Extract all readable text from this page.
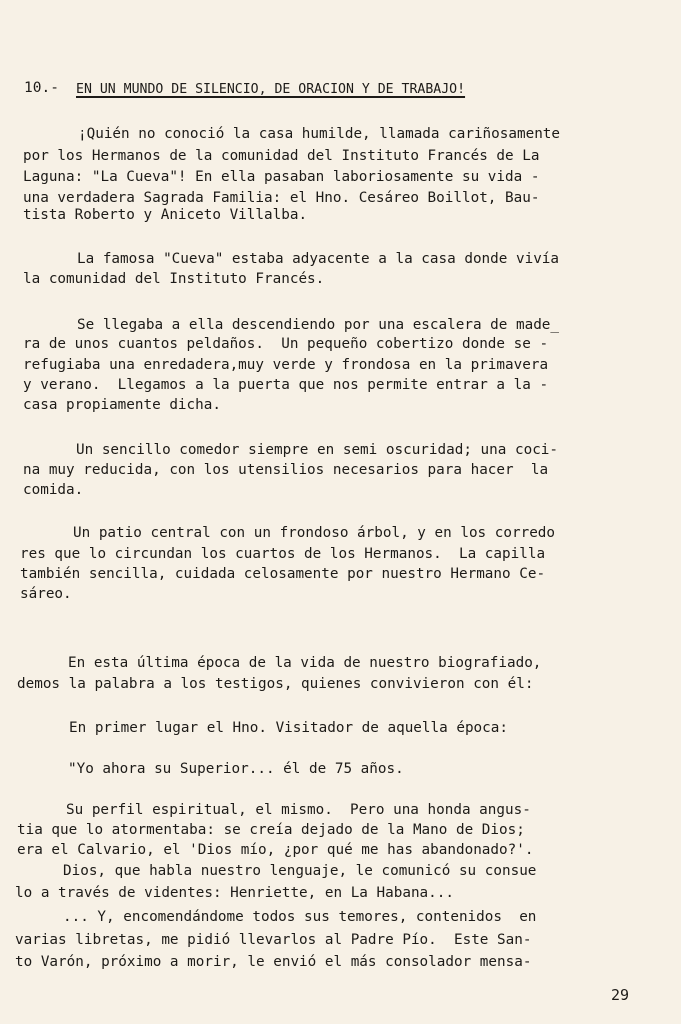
10.- EN UN MUNDO DE SILENCIO, DE ORACION Y DE TRABAJO!
¡Quién no conoció la casa humilde, llamada cariñosamente
por los Hermanos de la comunidad del Instituto Francés de La
Laguna: "La Cueva"! En ella pasaban laboriosamente su vida -
una verdadera Sagrada Familia: el Hno. Cesáreo Boillot, Bau-
tista Roberto y Aniceto Villalba.
La famosa "Cueva" estaba adyacente a la casa donde vivía
la comunidad del Instituto Francés.
Se llegaba a ella descendiendo por una escalera de made_
ra de unos cuantos peldaños.  Un pequeño cobertizo donde se -
refugiaba una enredadera,muy verde y frondosa en la primavera
y verano.  Llegamos a la puerta que nos permite entrar a la -
casa propiamente dicha.
Un sencillo comedor siempre en semi oscuridad; una coci-
na muy reducida, con los utensilios necesarios para hacer  la
comida.
Un patio central con un frondoso árbol, y en los corredo
res que lo circundan los cuartos de los Hermanos.  La capilla
también sencilla, cuidada celosamente por nuestro Hermano Ce-
sáreo.
En esta última época de la vida de nuestro biografiado,
demos la palabra a los testigos, quienes convivieron con él:
En primer lugar el Hno. Visitador de aquella época:
"Yo ahora su Superior... él de 75 años.
Su perfil espiritual, el mismo.  Pero una honda angus-
tia que lo atormentaba: se creía dejado de la Mano de Dios;
era el Calvario, el 'Dios mío, ¿por qué me has abandonado?'.
Dios, que habla nuestro lenguaje, le comunicó su consue
lo a través de videntes: Henriette, en La Habana...
... Y, encomendándome todos sus temores, contenidos  en
varias libretas, me pidió llevarlos al Padre Pío.  Este San-
to Varón, próximo a morir, le envió el más consolador mensa-
29
